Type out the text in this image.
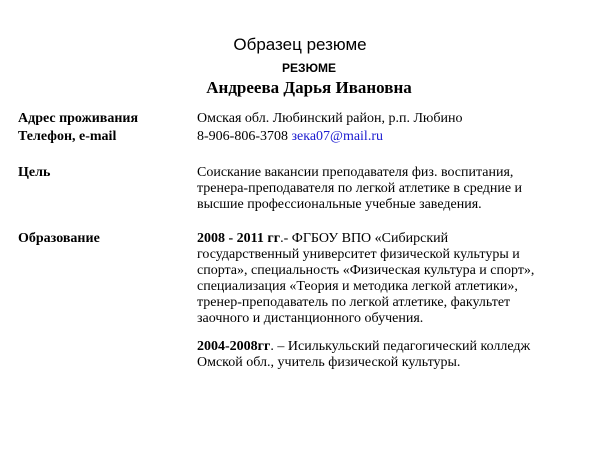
Образец резюме
РЕЗЮМЕ
Андреева Дарья Ивановна
Адрес проживания	Омская обл. Любинский район, р.п. Любино
Телефон, e-mail	8-906-806-3708 зека07@mail.ru
Цель	Соискание вакансии преподавателя физ. воспитания,
тренера-преподавателя по легкой атлетике в средние и
высшие профессиональные учебные заведения.
Образование	2008 - 2011 гг.- ФГБОУ ВПО «Сибирский
государственный университет физической культуры и
спорта», специальность «Физическая культура и спорт»,
специализация «Теория и методика легкой атлетики»,
тренер-преподаватель по легкой атлетике, факультет
заочного и дистанционного обучения.
2004-2008гг. – Исилькульский педагогический колледж
Омской обл., учитель физической культуры.
